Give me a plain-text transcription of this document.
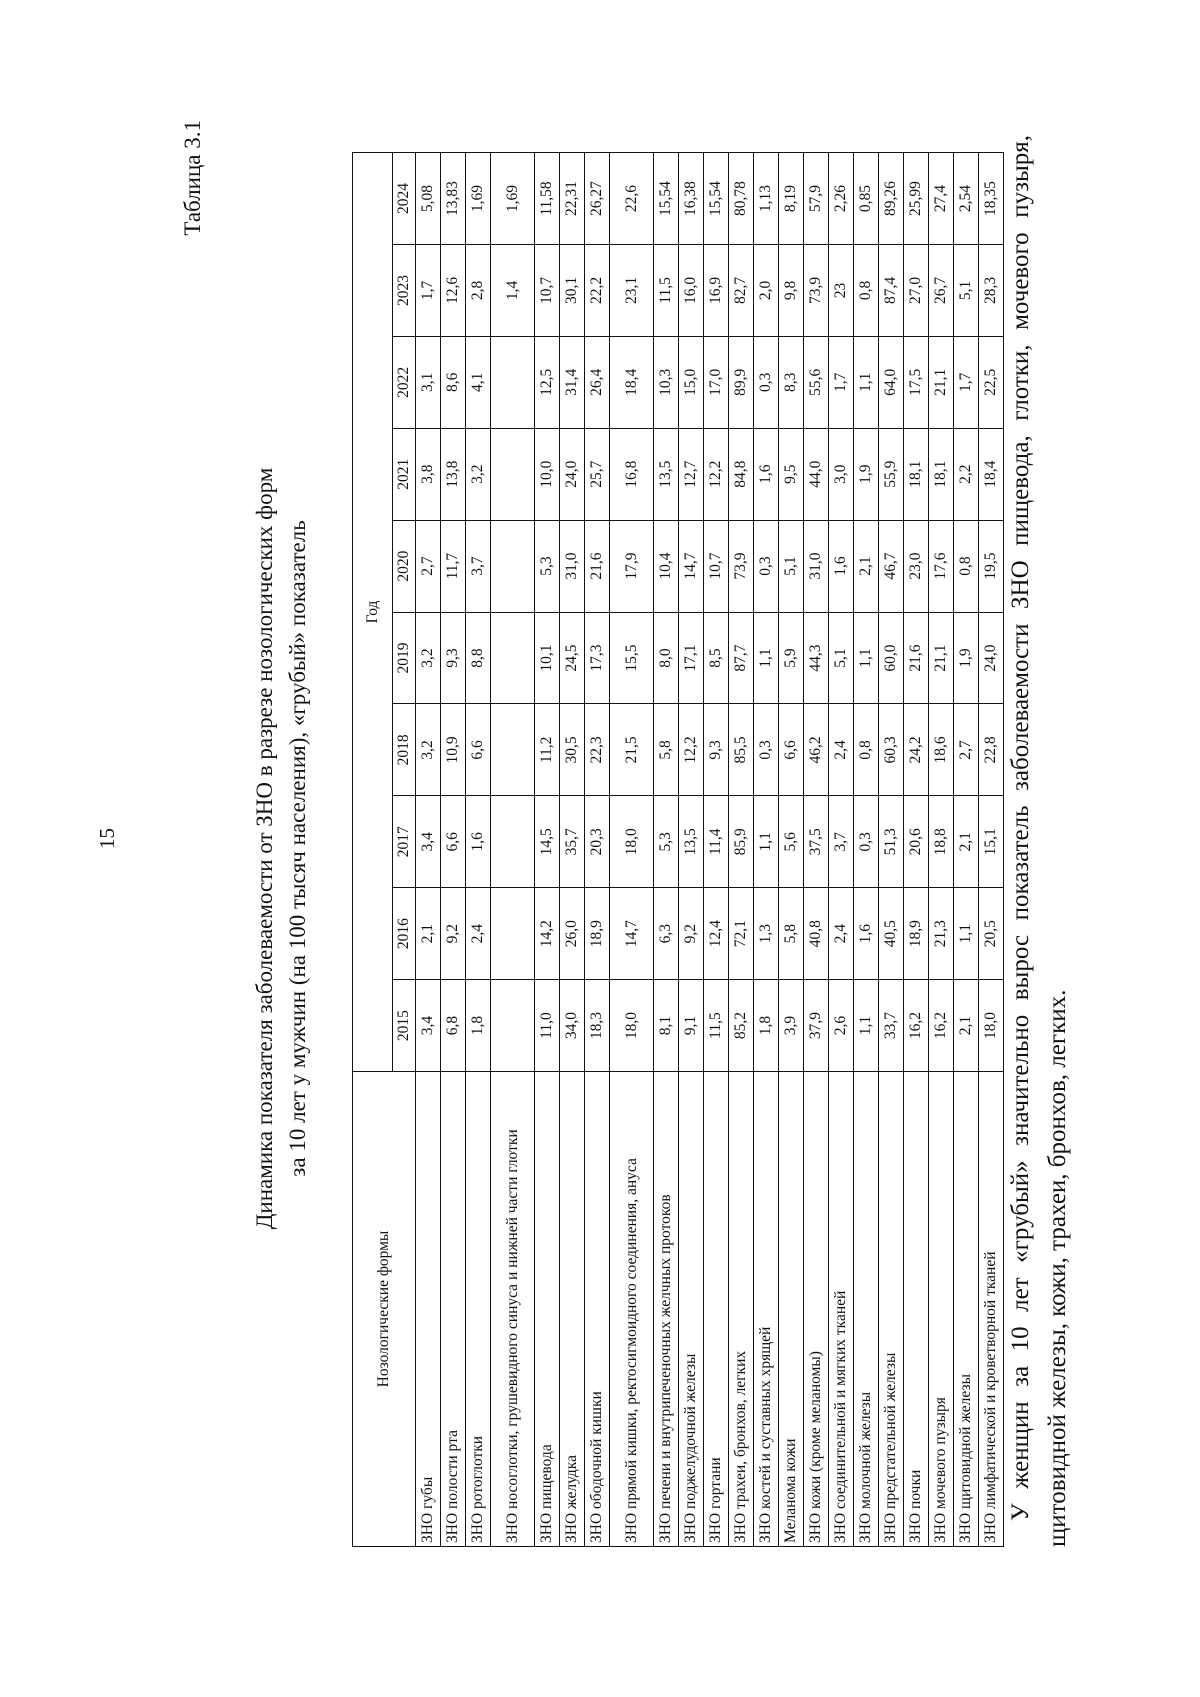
15
Таблица 3.1
Динамика показателя заболеваемости от ЗНО в разрезе нозологических форм за 10 лет у мужчин (на 100 тысяч населения), «грубый» показатель
Нозологические формы	Год									
	2015	2016	2017	2018	2019	2020	2021	2022	2023	2024
ЗНО губы	3,4	2,1	3,4	3,2	3,2	2,7	3,8	3,1	1,7	5,08
ЗНО полости рта	6,8	9,2	6,6	10,9	9,3	11,7	13,8	8,6	12,6	13,83
ЗНО ротоглотки	1,8	2,4	1,6	6,6	8,8	3,7	3,2	4,1	2,8	1,69
ЗНО носоглотки, грушевидного синуса и нижней части глотки									1,4	1,69
ЗНО пищевода	11,0	14,2	14,5	11,2	10,1	5,3	10,0	12,5	10,7	11,58
ЗНО желудка	34,0	26,0	35,7	30,5	24,5	31,0	24,0	31,4	30,1	22,31
ЗНО ободочной кишки	18,3	18,9	20,3	22,3	17,3	21,6	25,7	26,4	22,2	26,27
ЗНО прямой кишки, ректосигмоидного соединения, ануса	18,0	14,7	18,0	21,5	15,5	17,9	16,8	18,4	23,1	22,6
ЗНО печени и внутрипеченочных желчных протоков	8,1	6,3	5,3	5,8	8,0	10,4	13,5	10,3	11,5	15,54
ЗНО поджелудочной железы	9,1	9,2	13,5	12,2	17,1	14,7	12,7	15,0	16,0	16,38
ЗНО гортани	11,5	12,4	11,4	9,3	8,5	10,7	12,2	17,0	16,9	15,54
ЗНО трахеи, бронхов, легких	85,2	72,1	85,9	85,5	87,7	73,9	84,8	89,9	82,7	80,78
ЗНО костей и суставных хрящей	1,8	1,3	1,1	0,3	1,1	0,3	1,6	0,3	2,0	1,13
Меланома кожи	3,9	5,8	5,6	6,6	5,9	5,1	9,5	8,3	9,8	8,19
ЗНО кожи (кроме меланомы)	37,9	40,8	37,5	46,2	44,3	31,0	44,0	55,6	73,9	57,9
ЗНО соединительной и мягких тканей	2,6	2,4	3,7	2,4	5,1	1,6	3,0	1,7	23	2,26
ЗНО молочной железы	1,1	1,6	0,3	0,8	1,1	2,1	1,9	1,1	0,8	0,85
ЗНО предстательной железы	33,7	40,5	51,3	60,3	60,0	46,7	55,9	64,0	87,4	89,26
ЗНО почки	16,2	18,9	20,6	24,2	21,6	23,0	18,1	17,5	27,0	25,99
ЗНО мочевого пузыря	16,2	21,3	18,8	18,6	21,1	17,6	18,1	21,1	26,7	27,4
ЗНО щитовидной железы	2,1	1,1	2,1	2,7	1,9	0,8	2,2	1,7	5,1	2,54
ЗНО лимфатической и кроветворной тканей	18,0	20,5	15,1	22,8	24,0	19,5	18,4	22,5	28,3	18,35 У женщин за 10 лет «грубый» значительно вырос показатель заболеваемости ЗНО пищевода, глотки, мочевого пузыря, щитовидной железы, кожи, трахеи, бронхов, легких.
